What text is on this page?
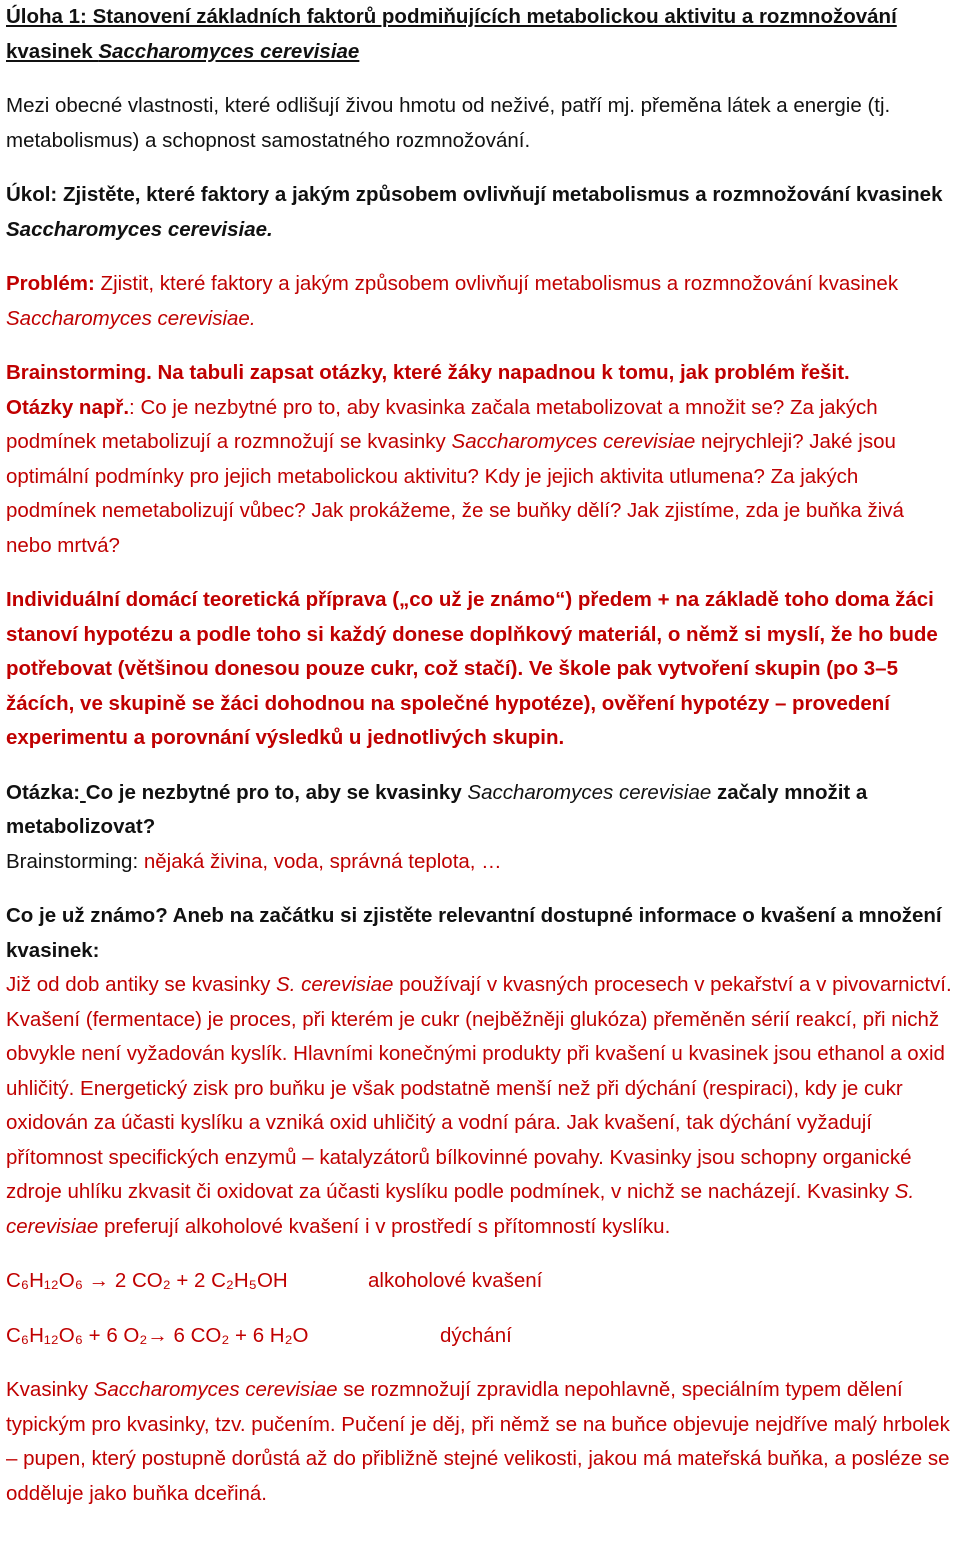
Úloha 1: Stanovení základních faktorů podmiňujících metabolickou aktivitu a rozmnožování
kvasinek Saccharomyces cerevisiae

Mezi obecné vlastnosti, které odlišují živou hmotu od neživé, patří mj. přeměna látek a energie (tj. metabolismus) a schopnost samostatného rozmnožování.

Úkol: Zjistěte, které faktory a jakým způsobem ovlivňují metabolismus a rozmnožování kvasinek Saccharomyces cerevisiae.

Problém: Zjistit, které faktory a jakým způsobem ovlivňují metabolismus a rozmnožování kvasinek Saccharomyces cerevisiae.

Brainstorming. Na tabuli zapsat otázky, které žáky napadnou k tomu, jak problém řešit.
Otázky např.: Co je nezbytné pro to, aby kvasinka začala metabolizovat a množit se? Za jakých podmínek metabolizují a rozmnožují se kvasinky Saccharomyces cerevisiae nejrychleji? Jaké jsou optimální podmínky pro jejich metabolickou aktivitu? Kdy je jejich aktivita utlumena? Za jakých podmínek nemetabolizují vůbec? Jak prokážeme, že se buňky dělí? Jak zjistíme, zda je buňka živá nebo mrtvá?

Individuální domácí teoretická příprava („co už je známo“) předem + na základě toho doma žáci stanoví hypotézu a podle toho si každý donese doplňkový materiál, o němž si myslí, že ho bude potřebovat (většinou donesou pouze cukr, což stačí). Ve škole pak vytvoření skupin (po 3–5 žácích, ve skupině se žáci dohodnou na společné hypotéze), ověření hypotézy – provedení experimentu a porovnání výsledků u jednotlivých skupin.

Otázka: Co je nezbytné pro to, aby se kvasinky Saccharomyces cerevisiae začaly množit a metabolizovat?

Brainstorming: nějaká živina, voda, správná teplota, …

Co je už známo? Aneb na začátku si zjistěte relevantní dostupné informace o kvašení a množení kvasinek:

Již od dob antiky se kvasinky S. cerevisiae používají v kvasných procesech v pekařství a v pivovarnictví. Kvašení (fermentace) je proces, při kterém je cukr (nejběžněji glukóza) přeměněn sérií reakcí, při nichž obvykle není vyžadován kyslík. Hlavními konečnými produkty při kvašení u kvasinek jsou ethanol a oxid uhličitý. Energetický zisk pro buňku je však podstatně menší než při dýchání (respiraci), kdy je cukr oxidován za účasti kyslíku a vzniká oxid uhličitý a vodní pára. Jak kvašení, tak dýchání vyžadují přítomnost specifických enzymů – katalyzátorů bílkovinné povahy. Kvasinky jsou schopny organické zdroje uhlíku zkvasit či oxidovat za účasti kyslíku podle podmínek, v nichž se nacházejí. Kvasinky S. cerevisiae preferují alkoholové kvašení i v prostředí s přítomností kyslíku.

C₆H₁₂O₆ → 2 CO₂ + 2 C₂H₅OH	alkoholové kvašení
C₆H₁₂O₆ + 6 O₂→ 6 CO₂ + 6 H₂O	dýchání

Kvasinky Saccharomyces cerevisiae se rozmnožují zpravidla nepohlavně, speciálním typem dělení typickým pro kvasinky, tzv. pučením. Pučení je děj, při němž se na buňce objevuje nejdříve malý hrbolek – pupen, který postupně dorůstá až do přibližně stejné velikosti, jakou má mateřská buňka, a posléze se odděluje jako buňka dceřiná.
